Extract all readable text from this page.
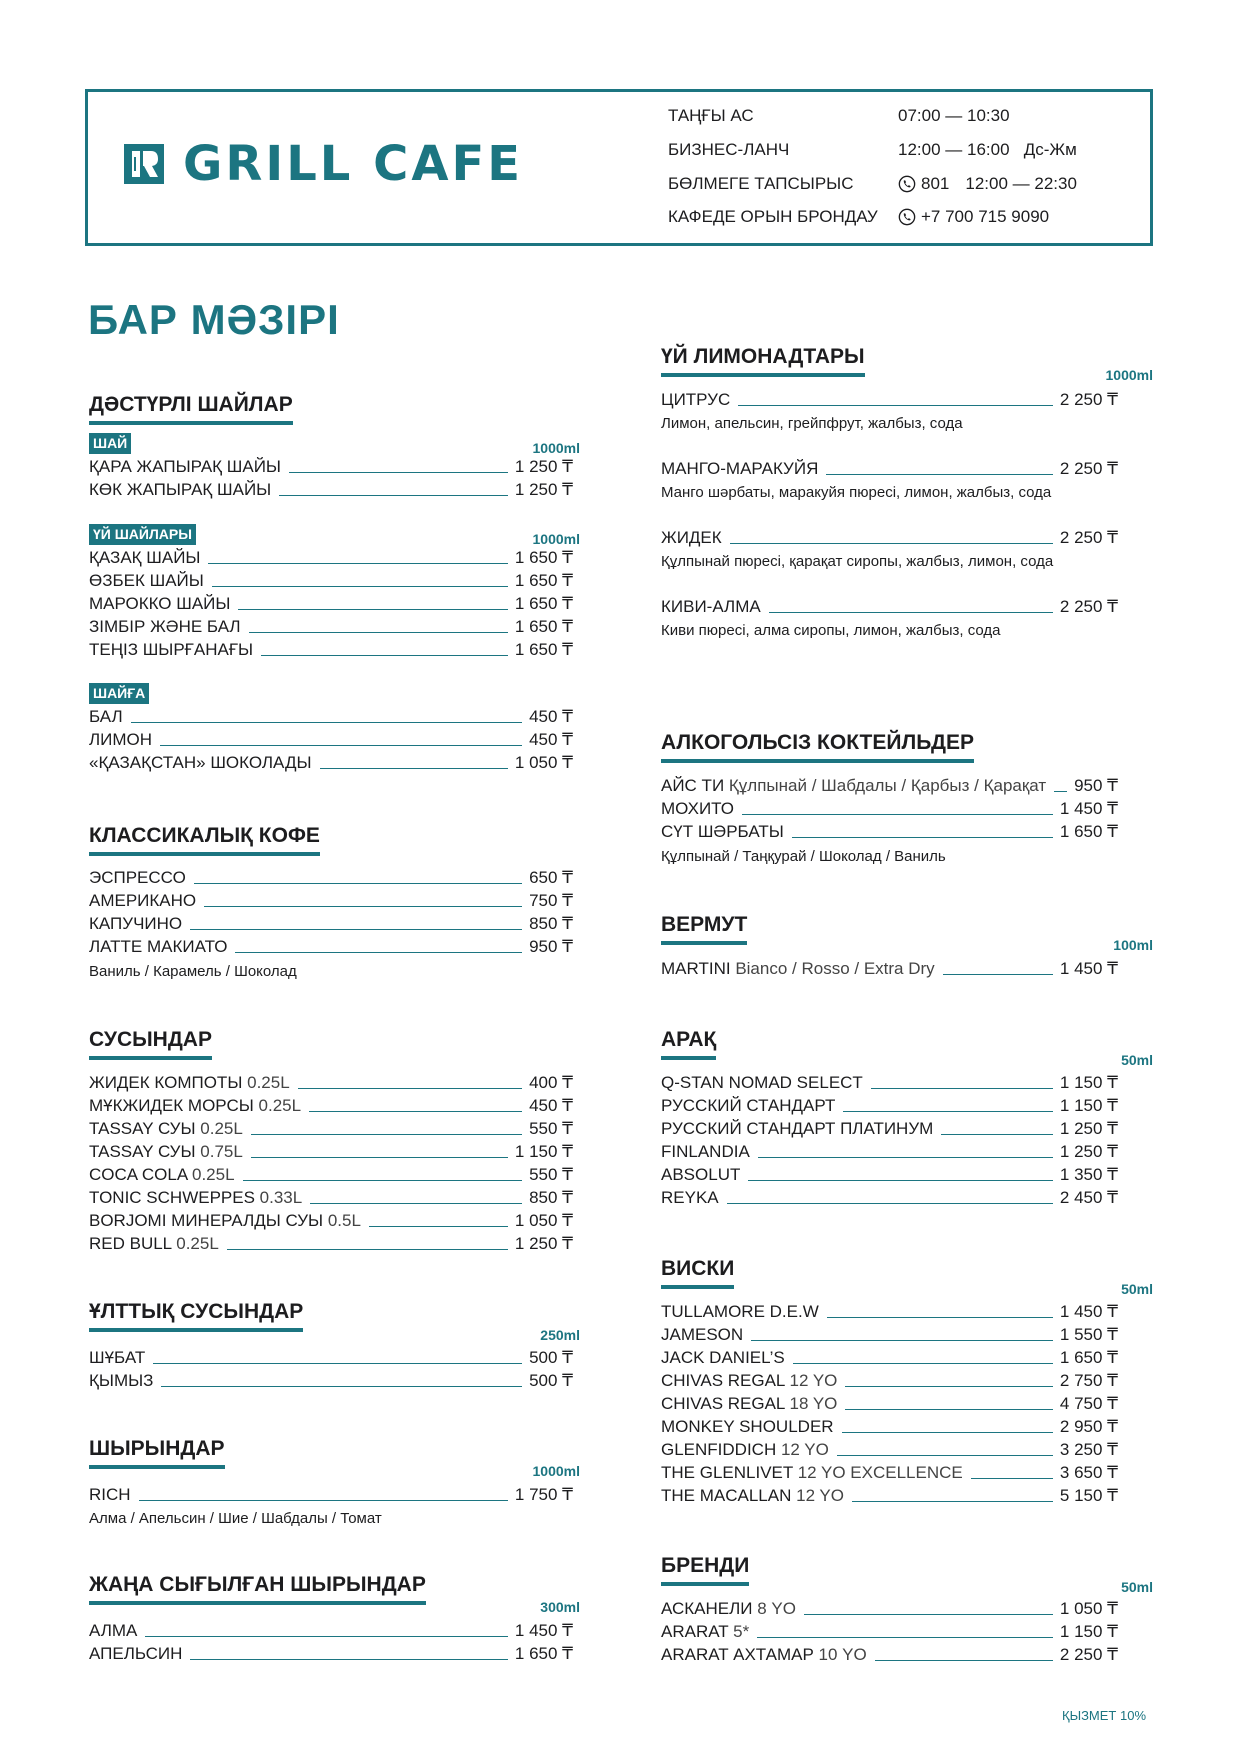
GRILL CAFE
ТАҢҒЫ АС	07:00 — 10:30
БИЗНЕС-ЛАНЧ	12:00 — 16:00   Дс-Жм
БӨЛМЕГЕ ТАПСЫРЫС	801 12:00 — 22:30
КАФЕДЕ ОРЫН БРОНДАУ	+7 700 715 9090
БАР МӘЗІРІ
ДӘСТҮРЛІ ШАЙЛАР
ШАЙ	1000ml
ҮЙ ШАЙЛАРЫ	1000ml
ШАЙҒА
КЛАССИКАЛЫҚ КОФЕ
Ваниль / Карамель / Шоколад
СУСЫНДАР
ҰЛТТЫҚ СУСЫНДАР
250ml
ШЫРЫНДАР
1000ml
Алма / Апельсин / Шие / Шабдалы / Томат
ЖАҢА СЫҒЫЛҒАН ШЫРЫНДАР
300ml
ҮЙ ЛИМОНАДТАРЫ
1000ml
АЛКОГОЛЬСІЗ КОКТЕЙЛЬДЕР
Құлпынай / Таңқурай / Шоколад / Ваниль
ВЕРМУТ
100ml
АРАҚ
50ml
ВИСКИ
50ml
БРЕНДИ
50ml
ҚЫЗМЕТ 10%
ҚАРА ЖАПЫРАҚ ШАЙЫ	1 250 ₸
КӨК ЖАПЫРАҚ ШАЙЫ	1 250 ₸
ҚАЗАҚ ШАЙЫ	1 650 ₸
ӨЗБЕК ШАЙЫ	1 650 ₸
МАРОККО ШАЙЫ	1 650 ₸
ЗІМБІР ЖӘНЕ БАЛ	1 650 ₸
ТЕҢІЗ ШЫРҒАНАҒЫ	1 650 ₸
БАЛ	450 ₸
ЛИМОН	450 ₸
«ҚАЗАҚСТАН» ШОКОЛАДЫ	1 050 ₸
ЭСПРЕССО	650 ₸
АМЕРИКАНО	750 ₸
КАПУЧИНО	850 ₸
ЛАТТЕ МАКИАТО	950 ₸
ЖИДЕК КОМПОТЫ 0.25L	400 ₸
МҰКЖИДЕК МОРСЫ 0.25L	450 ₸
TASSAY СУЫ 0.25L	550 ₸
TASSAY СУЫ 0.75L	1 150 ₸
COCA COLA 0.25L	550 ₸
TONIC SCHWEPPES 0.33L	850 ₸
BORJOMI МИНЕРАЛДЫ СУЫ 0.5L	1 050 ₸
RED BULL 0.25L	1 250 ₸
ШҰБАТ	500 ₸
ҚЫМЫЗ	500 ₸
RICH	1 750 ₸
АЛМА	1 450 ₸
АПЕЛЬСИН	1 650 ₸
ЦИТРУС	2 250 ₸
Лимон, апельсин, грейпфрут, жалбыз, сода
МАНГО-МАРАКУЙЯ	2 250 ₸
Манго шәрбаты, маракуйя пюресі, лимон, жалбыз, сода
ЖИДЕК	2 250 ₸
Құлпынай пюресі, қарақат сиропы, жалбыз, лимон, сода
КИВИ-АЛМА	2 250 ₸
Киви пюресі, алма сиропы, лимон, жалбыз, сода
АЙС ТИ Құлпынай / Шабдалы / Қарбыз / Қарақат 950 ₸
МОХИТО	1 450 ₸
СҮТ ШӘРБАТЫ	1 650 ₸
MARTINI Bianco / Rosso / Extra Dry	1 450 ₸
Q-STAN NOMAD SELECT	1 150 ₸
РУССКИЙ СТАНДАРТ	1 150 ₸
РУССКИЙ СТАНДАРТ ПЛАТИНУМ	1 250 ₸
FINLANDIA	1 250 ₸
ABSOLUT	1 350 ₸
REYKA	2 450 ₸
TULLAMORE D.E.W	1 450 ₸
JAMESON	1 550 ₸
JACK DANIEL’S	1 650 ₸
CHIVAS REGAL 12 YO	2 750 ₸
CHIVAS REGAL 18 YO	4 750 ₸
MONKEY SHOULDER	2 950 ₸
GLENFIDDICH 12 YO	3 250 ₸
THE GLENLIVET 12 YO EXCELLENCE	3 650 ₸
THE MACALLAN 12 YO	5 150 ₸
АСКАНЕЛИ 8 YO	1 050 ₸
ARARAT 5*	1 150 ₸
ARARAT АХТАМАР 10 YO	2 250 ₸
